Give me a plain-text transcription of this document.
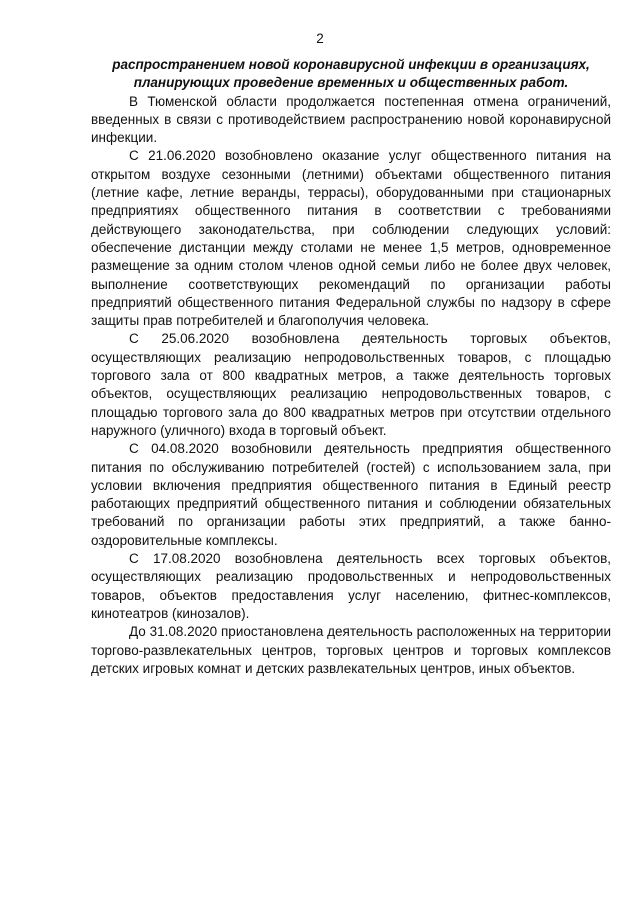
2

распространением новой коронавирусной инфекции в организациях, планирующих проведение временных и общественных работ.

В Тюменской области продолжается постепенная отмена ограничений, введенных в связи с противодействием распространению новой коронавирусной инфекции.

С 21.06.2020 возобновлено оказание услуг общественного питания на открытом воздухе сезонными (летними) объектами общественного питания (летние кафе, летние веранды, террасы), оборудованными при стационарных предприятиях общественного питания в соответствии с требованиями действующего законодательства, при соблюдении следующих условий: обеспечение дистанции между столами не менее 1,5 метров, одновременное размещение за одним столом членов одной семьи либо не более двух человек, выполнение соответствующих рекомендаций по организации работы предприятий общественного питания Федеральной службы по надзору в сфере защиты прав потребителей и благополучия человека.

С 25.06.2020 возобновлена деятельность торговых объектов, осуществляющих реализацию непродовольственных товаров, с площадью торгового зала от 800 квадратных метров, а также деятельность торговых объектов, осуществляющих реализацию непродовольственных товаров, с площадью торгового зала до 800 квадратных метров при отсутствии отдельного наружного (уличного) входа в торговый объект.

С 04.08.2020 возобновили деятельность предприятия общественного питания по обслуживанию потребителей (гостей) с использованием зала, при условии включения предприятия общественного питания в Единый реестр работающих предприятий общественного питания и соблюдении обязательных требований по организации работы этих предприятий, а также банно-оздоровительные комплексы.

С 17.08.2020 возобновлена деятельность всех торговых объектов, осуществляющих реализацию продовольственных и непродовольственных товаров, объектов предоставления услуг населению, фитнес-комплексов, кинотеатров (кинозалов).

До 31.08.2020 приостановлена деятельность расположенных на территории торгово-развлекательных центров, торговых центров и торговых комплексов детских игровых комнат и детских развлекательных центров, иных объектов.
